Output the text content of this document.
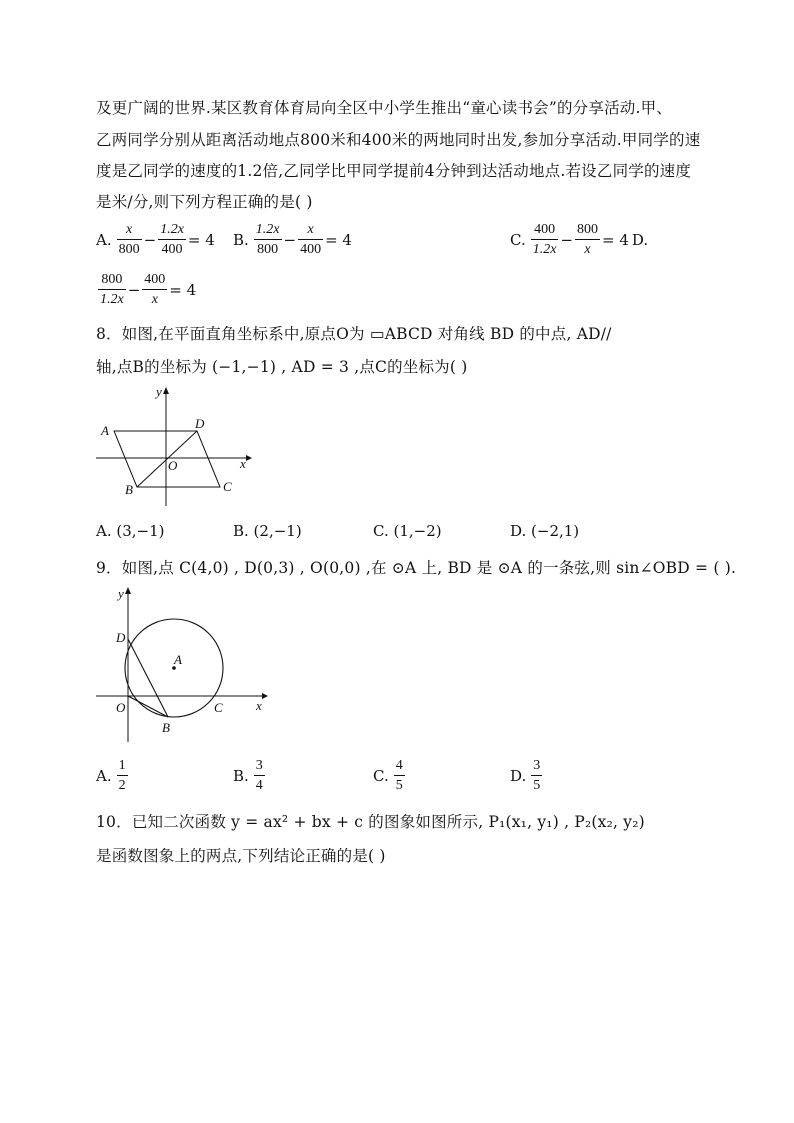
及更广阔的世界.某区教育体育局向全区中小学生推出“童心读书会”的分享活动.甲、
乙两同学分别从距离活动地点800米和400米的两地同时出发,参加分享活动.甲同学的速
度是乙同学的速度的1.2倍,乙同学比甲同学提前4分钟到达活动地点.若设乙同学的速度
是米/分,则下列方程正确的是( )
A. $\frac{x}{800} - \frac{1.2x}{400} = 4$ B. $\frac{1.2x}{800} - \frac{x}{400} = 4$	C. $\frac{400}{1.2x} - \frac{800}{x} = 4$ D.
$\frac{800}{1.2x} - \frac{400}{x} = 4$
8．如图,在平面直角坐标系中,原点O为 ▭ABCD 对角线 BD 的中点, AD//
轴,点B的坐标为 (−1,−1) , AD = 3 ,点C的坐标为( )
A	D
B	C
O	x
y
A. (3,−1)	B. (2,−1)	C. (1,−2)	D. (−2,1)
9．如图,点 C(4,0) , D(0,3) , O(0,0) ,在 ⊙A 上, BD 是 ⊙A 的一条弦,则 sin∠OBD = ( ).
A
D
O
B
C	x
y
A. $\frac{1}{2}$	B. $\frac{3}{4}$	C. $\frac{4}{5}$	D. $\frac{3}{5}$
10．已知二次函数 y = ax² + bx + c 的图象如图所示, P₁(x₁, y₁) , P₂(x₂, y₂)
是函数图象上的两点,下列结论正确的是( )
